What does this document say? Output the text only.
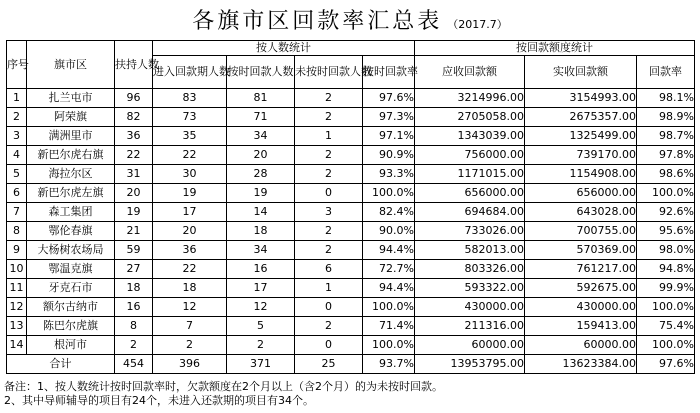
各旗市区回款率汇总表 （2017.7）
序号	旗市区	扶持人数	按人数统计				按回款额度统计		
			进入回款期人数	按时回款人数	未按时回款人数	按时回款率	应收回款额	实收回款额	回款率
1	扎兰屯市	96	83	81	2	97.6%	3214996.00	3154993.00	98.1%
2	阿荣旗	82	73	71	2	97.3%	2705058.00	2675357.00	98.9%
3	满洲里市	36	35	34	1	97.1%	1343039.00	1325499.00	98.7%
4	新巴尔虎右旗	22	22	20	2	90.9%	756000.00	739170.00	97.8%
5	海拉尔区	31	30	28	2	93.3%	1171015.00	1154908.00	98.6%
6	新巴尔虎左旗	20	19	19	0	100.0%	656000.00	656000.00	100.0%
7	森工集团	19	17	14	3	82.4%	694684.00	643028.00	92.6%
8	鄂伦春旗	21	20	18	2	90.0%	733026.00	700755.00	95.6%
9	大杨树农场局	59	36	34	2	94.4%	582013.00	570369.00	98.0%
10	鄂温克旗	27	22	16	6	72.7%	803326.00	761217.00	94.8%
11	牙克石市	18	18	17	1	94.4%	593322.00	592675.00	99.9%
12	额尔古纳市	16	12	12	0	100.0%	430000.00	430000.00	100.0%
13	陈巴尔虎旗	8	7	5	2	71.4%	211316.00	159413.00	75.4%
14	根河市	2	2	2	0	100.0%	60000.00	60000.00	100.0%
合计		454	396	371	25	93.7%	13953795.00	13623384.00	97.6%
备注：1、按人数统计按时回款率时，欠款额度在2个月以上（含2个月）的为未按时回款。
2、其中导师辅导的项目有24个，未进入还款期的项目有34个。
